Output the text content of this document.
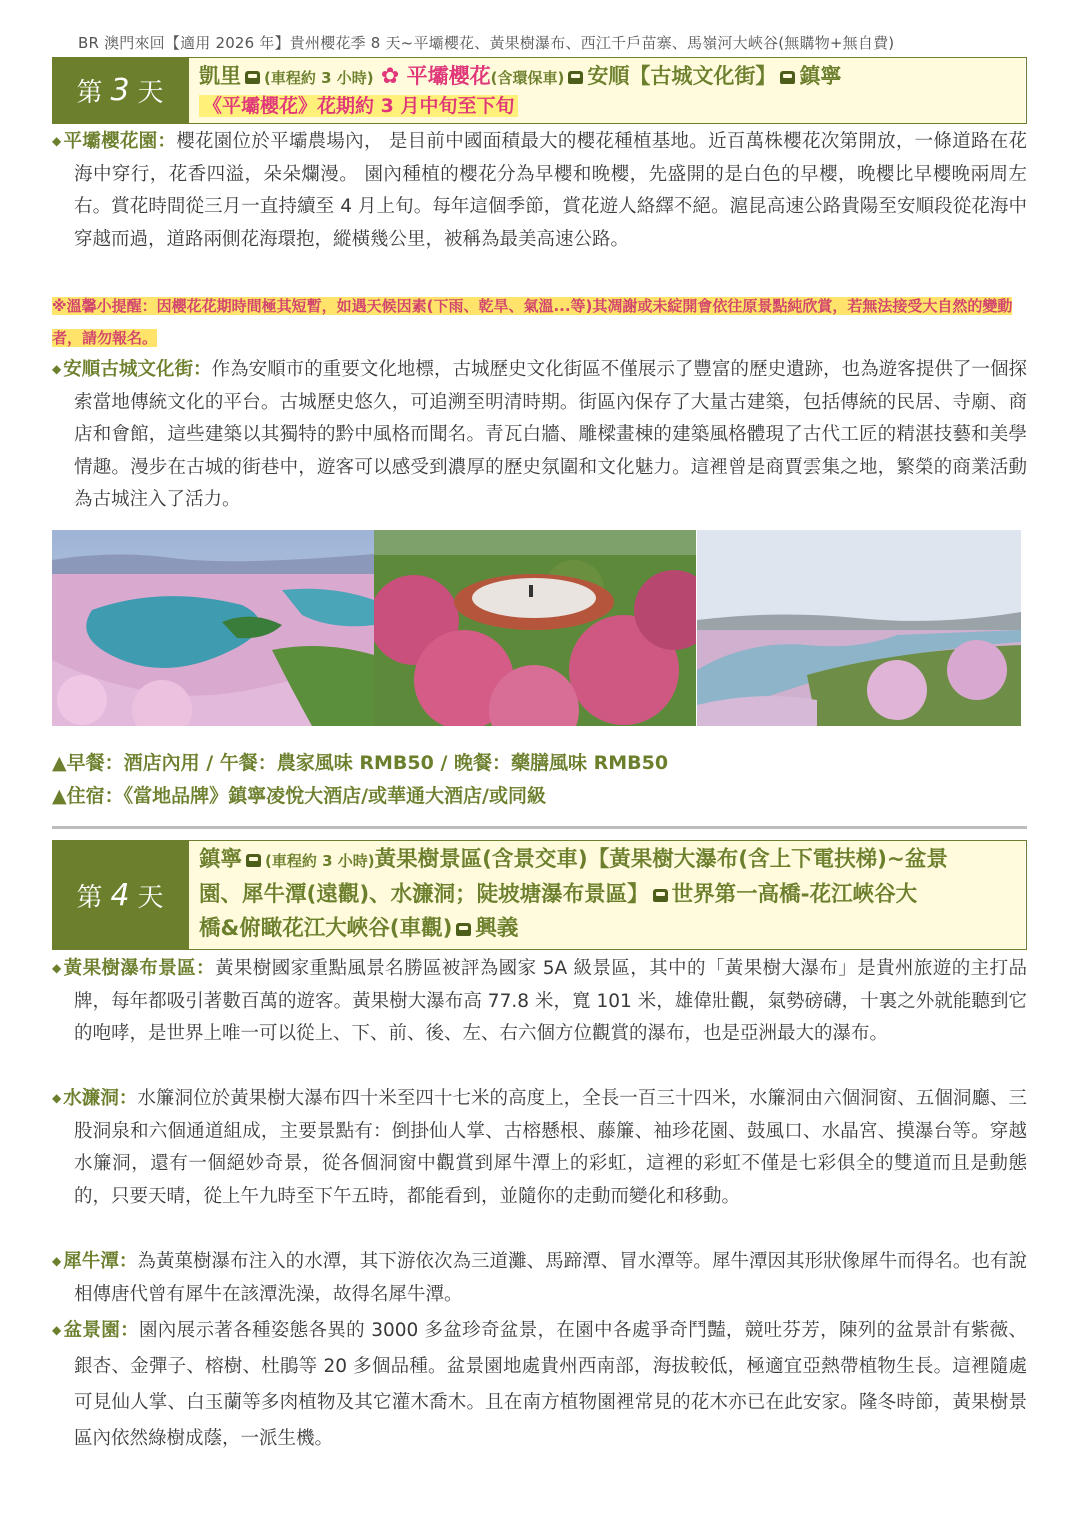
BR 澳門來回【適用 2026 年】貴州櫻花季 8 天~平壩櫻花、黃果樹瀑布、西江千戶苗寨、馬嶺河大峽谷(無購物+無自費)
第 3 天
凱里 (車程約 3 小時) ✿ 平壩櫻花(含環保車) 安順【古城文化街】 鎮寧
《平壩櫻花》花期約 3 月中旬至下旬
◆ 平壩櫻花園：櫻花園位於平壩農場內， 是目前中國面積最大的櫻花種植基地。近百萬株櫻花次第開放，一條道路在花海中穿行，花香四溢，朵朵爛漫。 園內種植的櫻花分為早櫻和晚櫻，先盛開的是白色的早櫻，晚櫻比早櫻晚兩周左右。賞花時間從三月一直持續至 4 月上旬。每年這個季節，賞花遊人絡繹不絕。滬昆高速公路貴陽至安順段從花海中穿越而過，道路兩側花海環抱，縱橫幾公里，被稱為最美高速公路。
※溫馨小提醒：因櫻花花期時間極其短暫，如遇天候因素(下雨、乾旱、氣溫...等)其凋謝或未綻開會依往原景點純欣賞，若無法接受大自然的變動者，請勿報名。
◆ 安順古城文化街：作為安順市的重要文化地標，古城歷史文化街區不僅展示了豐富的歷史遺跡，也為遊客提供了一個探索當地傳統文化的平台。古城歷史悠久，可追溯至明清時期。街區內保存了大量古建築，包括傳統的民居、寺廟、商店和會館，這些建築以其獨特的黔中風格而聞名。青瓦白牆、雕樑畫棟的建築風格體現了古代工匠的精湛技藝和美學情趣。漫步在古城的街巷中，遊客可以感受到濃厚的歷史氛圍和文化魅力。這裡曾是商賈雲集之地，繁榮的商業活動為古城注入了活力。
▲早餐：酒店內用 / 午餐：農家風味 RMB50 / 晚餐：藥膳風味 RMB50
▲住宿：《當地品牌》鎮寧凌悅大酒店/或華通大酒店/或同級
第 4 天
鎮寧 (車程約 3 小時)黃果樹景區(含景交車)【黃果樹大瀑布(含上下電扶梯)~盆景
園、犀牛潭(遠觀)、水濂洞；陡坡塘瀑布景區】 世界第一高橋-花江峽谷大
橋&俯瞰花江大峽谷(車觀) 興義
◆ 黃果樹瀑布景區：黃果樹國家重點風景名勝區被評為國家 5A 級景區，其中的「黃果樹大瀑布」是貴州旅遊的主打品牌，每年都吸引著數百萬的遊客。黃果樹大瀑布高 77.8 米，寬 101 米，雄偉壯觀，氣勢磅礴，十裏之外就能聽到它的咆哮，是世界上唯一可以從上、下、前、後、左、右六個方位觀賞的瀑布，也是亞洲最大的瀑布。
◆ 水濂洞：水簾洞位於黃果樹大瀑布四十米至四十七米的高度上，全長一百三十四米，水簾洞由六個洞窗、五個洞廳、三股洞泉和六個通道組成，主要景點有：倒掛仙人掌、古榕懸根、藤簾、袖珍花園、鼓風口、水晶宮、摸瀑台等。穿越水簾洞，還有一個絕妙奇景，從各個洞窗中觀賞到犀牛潭上的彩虹，這裡的彩虹不僅是七彩俱全的雙道而且是動態的，只要天晴，從上午九時至下午五時，都能看到，並隨你的走動而變化和移動。
◆ 犀牛潭：為黃菓樹瀑布注入的水潭，其下游依次為三道灘、馬蹄潭、冒水潭等。犀牛潭因其形狀像犀牛而得名。也有說相傳唐代曾有犀牛在該潭洗澡，故得名犀牛潭。
◆ 盆景園：園內展示著各種姿態各異的 3000 多盆珍奇盆景，在園中各處爭奇鬥豔，競吐芬芳，陳列的盆景計有紫薇、銀杏、金彈子、榕樹、杜鵑等 20 多個品種。盆景園地處貴州西南部，海拔較低，極適宜亞熱帶植物生長。這裡隨處可見仙人掌、白玉蘭等多肉植物及其它灌木喬木。且在南方植物園裡常見的花木亦已在此安家。隆冬時節，黃果樹景區內依然綠樹成蔭，一派生機。
